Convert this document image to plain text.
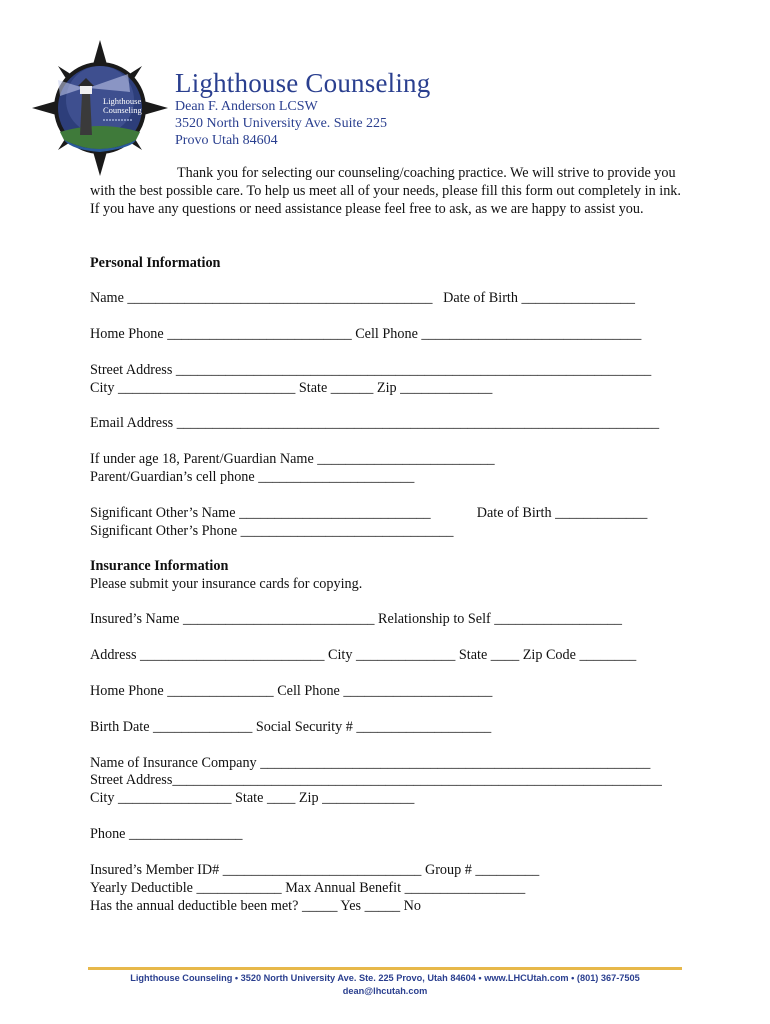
Lighthouse
Counseling
Lighthouse Counseling
Dean F. Anderson LCSW
3520 North University Ave. Suite 225
Provo Utah 84604
Thank you for selecting our counseling/coaching practice. We will strive to provide you with the best possible care. To help us meet all of your needs, please fill this form out completely in ink. If you have any questions or need assistance please feel free to ask, as we are happy to assist you.
Personal Information
Name ___________________________________________   Date of Birth ________________
Home Phone __________________________ Cell Phone _______________________________
Street Address ___________________________________________________________________
City _________________________ State ______ Zip _____________
Email Address ____________________________________________________________________
If under age 18, Parent/Guardian Name _________________________
Parent/Guardian’s cell phone ______________________
Significant Other’s Name ___________________________             Date of Birth _____________
Significant Other’s Phone ______________________________
Insurance Information
Please submit your insurance cards for copying.
Insured’s Name ___________________________ Relationship to Self __________________
Address __________________________ City ______________ State ____ Zip Code ________
Home Phone _______________ Cell Phone _____________________
Birth Date ______________ Social Security # ___________________
Name of Insurance Company _______________________________________________________
Street Address_____________________________________________________________________
City ________________ State ____ Zip _____________
Phone ________________
Insured’s Member ID# ____________________________ Group # _________
Yearly Deductible ____________ Max Annual Benefit _________________
Has the annual deductible been met? _____ Yes _____ No
Lighthouse Counseling • 3520 North University Ave. Ste. 225 Provo, Utah 84604 • www.LHCUtah.com • (801) 367-7505
dean@lhcutah.com
